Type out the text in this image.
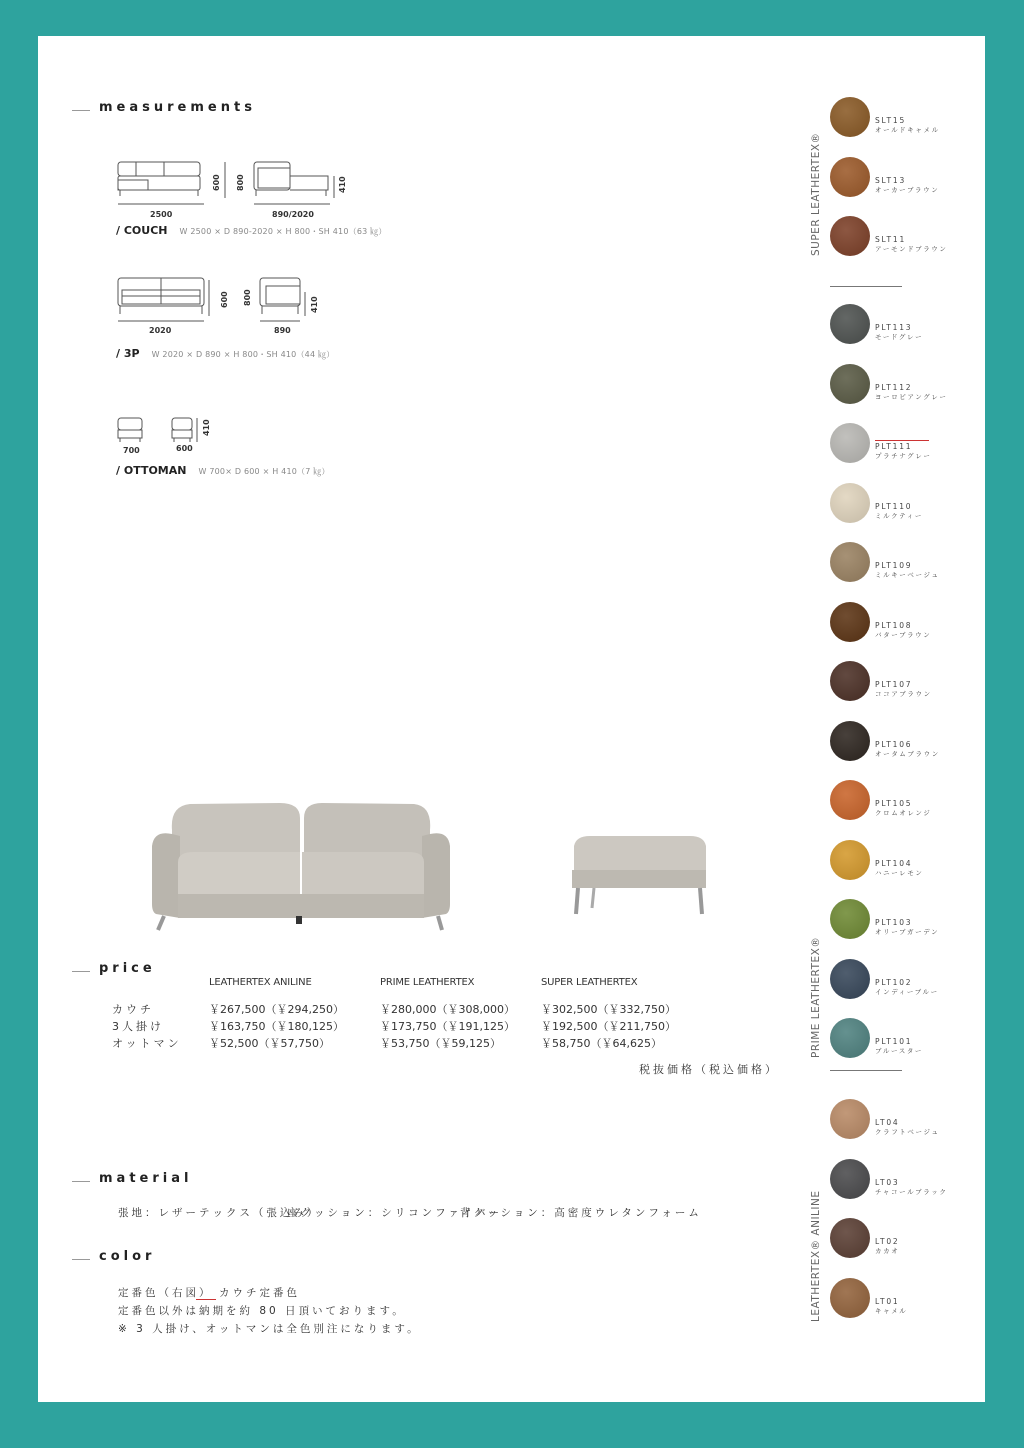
measurements
600 800	410
2500	890/2020
/ COUCH W 2500 × D 890-2020 × H 800・SH 410（63 ㎏）
600 800	410
2020	890
/ 3P W 2020 × D 890 × H 800・SH 410（44 ㎏）
410
700	600
/ OTTOMAN W 700× D 600 × H 410（7 ㎏）
price
LEATHERTEX ANILINE	PRIME LEATHERTEX	SUPER LEATHERTEX
カウチ	￥267,500（￥294,250）	￥280,000（￥308,000） ￥302,500（￥332,750）
3人掛け	￥163,750（￥180,125）	￥173,750（￥191,125） ￥192,500（￥211,750）
オットマン ￥52,500（￥57,750）	￥53,750（￥59,125）	￥58,750（￥64,625）
税抜価格（税込価格）
material
張地：レザーテックス（張込み）
座クッション：シリコンファイバー
背クッション：高密度ウレタンフォーム
color
定番色（右図） カウチ定番色
定番色以外は納期を約 80 日頂いております。
※ 3 人掛け、オットマンは全色別注になります。
SLT15
オールドキャメル
SLT13
オーカーブラウン
SLT11
アーモンドブラウン
SUPER LEATHERTEX®
PLT113
モードグレー
PLT112
ヨーロピアングレー
PLT111
プラチナグレー
PLT110
ミルクティー
PLT109
ミルキーベージュ
PLT108
バターブラウン
PLT107
ココアブラウン
PLT106
オータムブラウン
PLT105
クロムオレンジ
PLT104
ハニーレモン
PLT103
オリーブガーデン
PLT102
インディーブルー
PLT101
ブルースター
PRIME LEATHERTEX®
LT04
クラフトベージュ
LT03
チャコールブラック
LT02
カカオ
LT01
キャメル
LEATHERTEX® ANILINE
